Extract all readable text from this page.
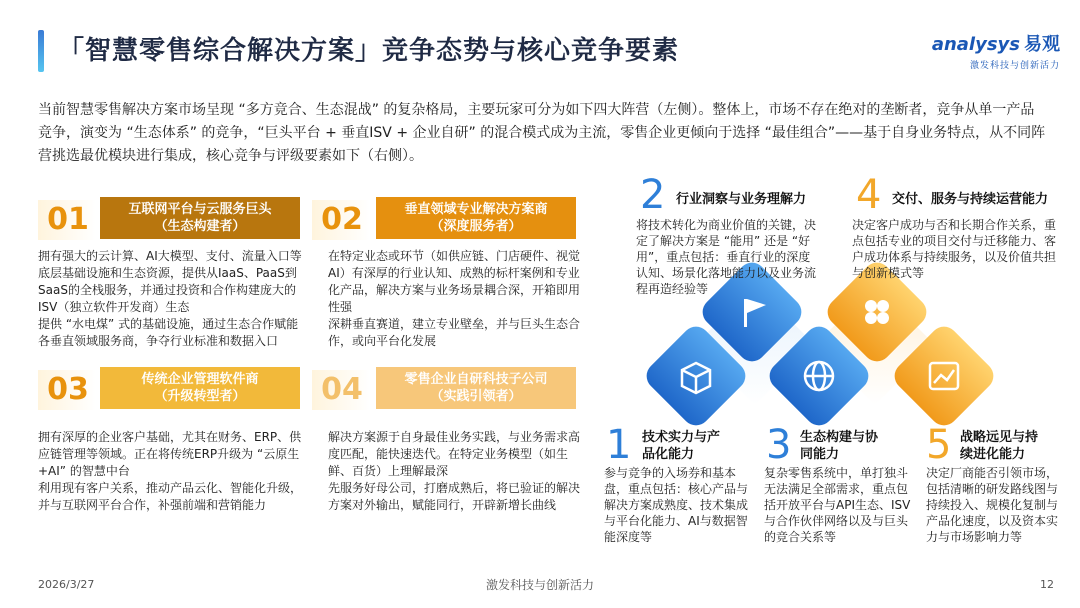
「智慧零售综合解决方案」竞争态势与核心竞争要素	analysys 易观
激发科技与创新活力
当前智慧零售解决方案市场呈现 “多方竞合、生态混战” 的复杂格局，主要玩家可分为如下四大阵营（左侧）。整体上，市场不存在绝对的垄断者，竞争从单一产品竞争，演变为 “生态体系” 的竞争，“巨头平台 + 垂直ISV + 企业自研” 的混合模式成为主流，零售企业更倾向于选择 “最佳组合”——基于自身业务特点，从不同阵营挑选最优模块进行集成，核心竞争与评级要素如下（右侧）。
01	互联网平台与云服务巨头
（生态构建者）
拥有强大的云计算、AI大模型、支付、流量入口等底层基础设施和生态资源，提供从IaaS、PaaS到SaaS的全栈服务，并通过投资和合作构建庞大的ISV（独立软件开发商）生态
提供 “水电煤” 式的基础设施，通过生态合作赋能各垂直领域服务商，争夺行业标准和数据入口
02	垂直领域专业解决方案商
（深度服务者）
在特定业态或环节（如供应链、门店硬件、视觉AI）有深厚的行业认知、成熟的标杆案例和专业化产品，解决方案与业务场景耦合深，开箱即用性强
深耕垂直赛道，建立专业壁垒，并与巨头生态合作，或向平台化发展
03	传统企业管理软件商
（升级转型者）
拥有深厚的企业客户基础，尤其在财务、ERP、供应链管理等领域。正在将传统ERP升级为 “云原生+AI” 的智慧中台
利用现有客户关系，推动产品云化、智能化升级，并与互联网平台合作，补强前端和营销能力
04	零售企业自研科技子公司
（实践引领者）
解决方案源于自身最佳业务实践，与业务需求高度匹配，能快速迭代。在特定业务模型（如生鲜、百货）上理解最深
先服务好母公司，打磨成熟后，将已验证的解决方案对外输出，赋能同行，开辟新增长曲线
2 行业洞察与业务理解力
将技术转化为商业价值的关键，决定了解决方案是 “能用” 还是 “好用”，重点包括：垂直行业的深度认知、场景化落地能力以及业务流程再造经验等
4 交付、服务与持续运营能力
决定客户成功与否和长期合作关系，重点包括专业的项目交付与迁移能力、客户成功体系与持续服务，以及价值共担与创新模式等
1 技术实力与产
品化能力
参与竞争的入场券和基本盘，重点包括：核心产品与解决方案成熟度、技术集成与平台化能力、AI与数据智能深度等
3 生态构建与协
同能力
复杂零售系统中，单打独斗无法满足全部需求，重点包括开放平台与API生态、ISV与合作伙伴网络以及与巨头的竞合关系等
5 战略远见与持
续进化能力
决定厂商能否引领市场，包括清晰的研发路线图与持续投入、规模化复制与产品化速度，以及资本实力与市场影响力等
2026/3/27	激发科技与创新活力	12
